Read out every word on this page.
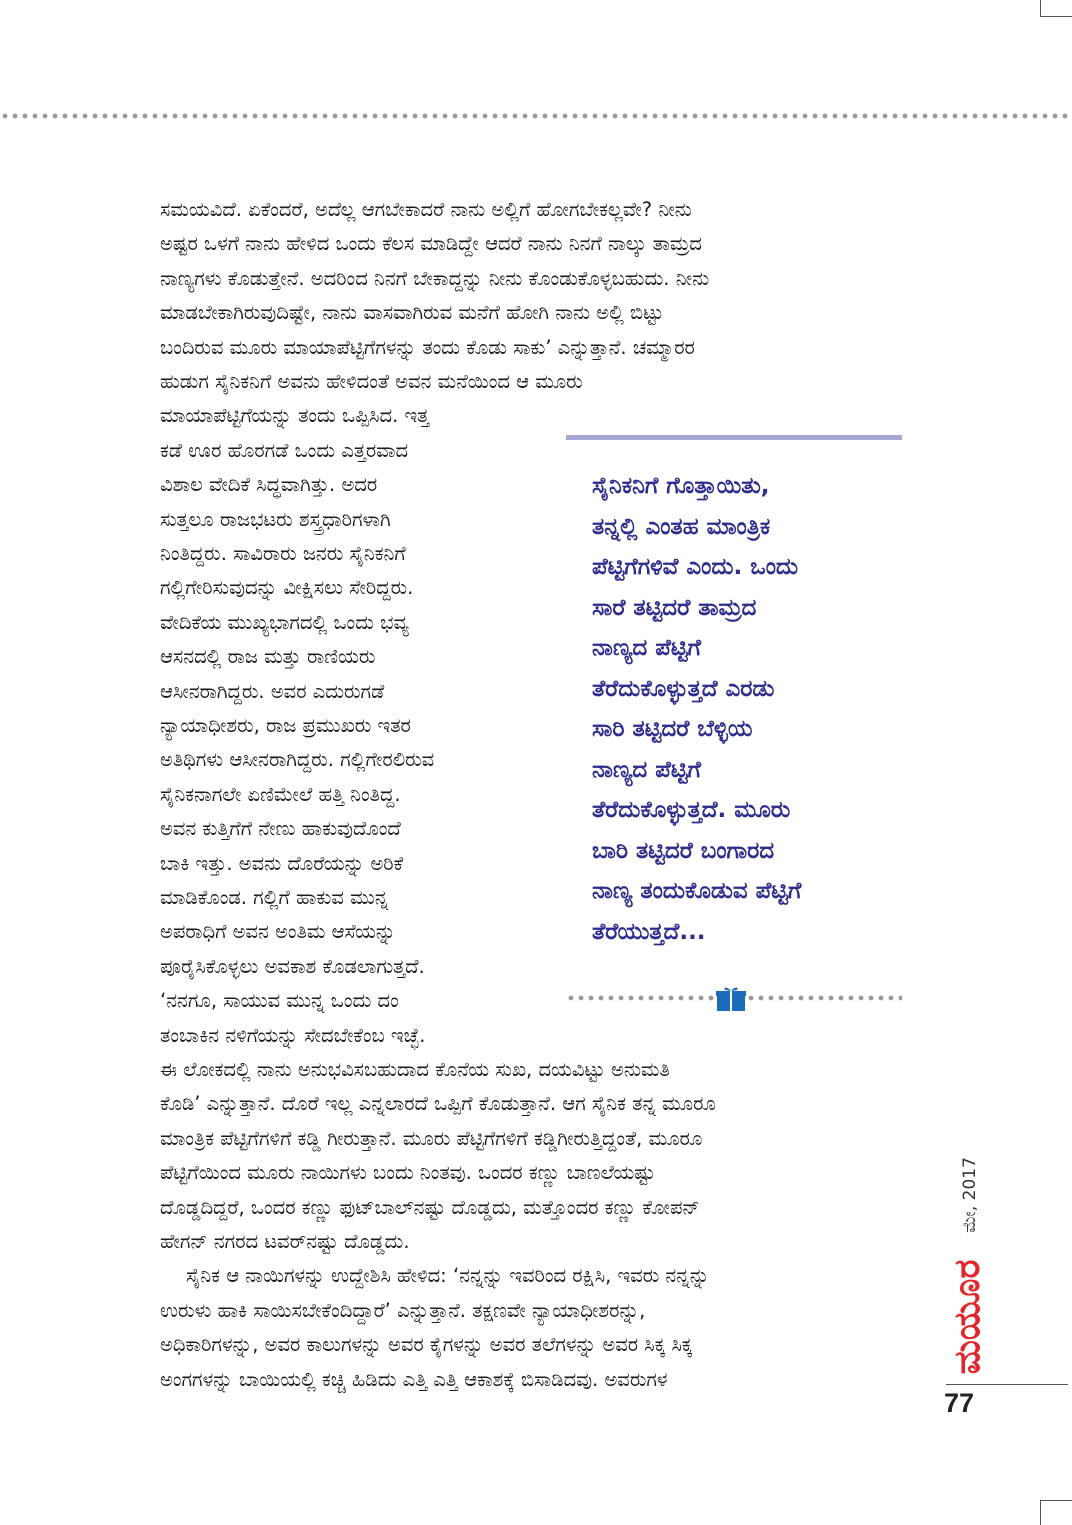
ಸಮಯವಿದೆ. ಏಕೆಂದರೆ, ಅದೆಲ್ಲ ಆಗಬೇಕಾದರೆ ನಾನು ಅಲ್ಲಿಗೆ ಹೋಗಬೇಕಲ್ಲವೇ? ನೀನು
ಅಷ್ಟರ ಒಳಗೆ ನಾನು ಹೇಳಿದ ಒಂದು ಕೆಲಸ ಮಾಡಿದ್ದೇ ಆದರೆ ನಾನು ನಿನಗೆ ನಾಲ್ಕು ತಾಮ್ರದ
ನಾಣ್ಯಗಳು ಕೊಡುತ್ತೇನೆ. ಅದರಿಂದ ನಿನಗೆ ಬೇಕಾದ್ದನ್ನು ನೀನು ಕೊಂಡುಕೊಳ್ಳಬಹುದು. ನೀನು
ಮಾಡಬೇಕಾಗಿರುವುದಿಷ್ಟೇ, ನಾನು ವಾಸವಾಗಿರುವ ಮನೆಗೆ ಹೋಗಿ ನಾನು ಅಲ್ಲಿ ಬಿಟ್ಟು
ಬಂದಿರುವ ಮೂರು ಮಾಯಾಪೆಟ್ಟಿಗೆಗಳನ್ನು ತಂದು ಕೊಡು ಸಾಕು’ ಎನ್ನುತ್ತಾನೆ. ಚಮ್ಮಾರರ
ಹುಡುಗ ಸೈನಿಕನಿಗೆ ಅವನು ಹೇಳಿದಂತೆ ಅವನ ಮನೆಯಿಂದ ಆ ಮೂರು
ಮಾಯಾಪೆಟ್ಟಿಗೆಯನ್ನು ತಂದು ಒಪ್ಪಿಸಿದ. ಇತ್ತ
ಕಡೆ ಊರ ಹೊರಗಡೆ ಒಂದು ಎತ್ತರವಾದ
ವಿಶಾಲ ವೇದಿಕೆ ಸಿದ್ಧವಾಗಿತ್ತು. ಅದರ
ಸುತ್ತಲೂ ರಾಜಭಟರು ಶಸ್ತ್ರಧಾರಿಗಳಾಗಿ
ನಿಂತಿದ್ದರು. ಸಾವಿರಾರು ಜನರು ಸೈನಿಕನಿಗೆ
ಗಲ್ಲಿಗೇರಿಸುವುದನ್ನು ವೀಕ್ಷಿಸಲು ಸೇರಿದ್ದರು.
ವೇದಿಕೆಯ ಮುಖ್ಯಭಾಗದಲ್ಲಿ ಒಂದು ಭವ್ಯ
ಆಸನದಲ್ಲಿ ರಾಜ ಮತ್ತು ರಾಣಿಯರು
ಆಸೀನರಾಗಿದ್ದರು. ಅವರ ಎದುರುಗಡೆ
ನ್ಯಾಯಾಧೀಶರು, ರಾಜ ಪ್ರಮುಖರು ಇತರ
ಅತಿಥಿಗಳು ಆಸೀನರಾಗಿದ್ದರು. ಗಲ್ಲಿಗೇರಲಿರುವ
ಸೈನಿಕನಾಗಲೇ ಏಣಿಮೇಲೆ ಹತ್ತಿ ನಿಂತಿದ್ದ.
ಅವನ ಕುತ್ತಿಗೆಗೆ ನೇಣು ಹಾಕುವುದೊಂದೆ
ಬಾಕಿ ಇತ್ತು. ಅವನು ದೊರೆಯನ್ನು ಅರಿಕೆ
ಮಾಡಿಕೊಂಡ. ಗಲ್ಲಿಗೆ ಹಾಕುವ ಮುನ್ನ
ಅಪರಾಧಿಗೆ ಅವನ ಅಂತಿಮ ಆಸೆಯನ್ನು
ಪೂರೈಸಿಕೊಳ್ಳಲು ಅವಕಾಶ ಕೊಡಲಾಗುತ್ತದೆ.
‘ನನಗೂ, ಸಾಯುವ ಮುನ್ನ ಒಂದು ದಂ
ತಂಬಾಕಿನ ನಳಿಗೆಯನ್ನು ಸೇದಬೇಕೆಂಬ ಇಚ್ಛೆ.
ಈ ಲೋಕದಲ್ಲಿ ನಾನು ಅನುಭವಿಸಬಹುದಾದ ಕೊನೆಯ ಸುಖ, ದಯವಿಟ್ಟು ಅನುಮತಿ
ಕೊಡಿ’ ಎನ್ನುತ್ತಾನೆ. ದೊರೆ ಇಲ್ಲ ಎನ್ನಲಾರದೆ ಒಪ್ಪಿಗೆ ಕೊಡುತ್ತಾನೆ. ಆಗ ಸೈನಿಕ ತನ್ನ ಮೂರೂ
ಮಾಂತ್ರಿಕ ಪೆಟ್ಟಿಗೆಗಳಿಗೆ ಕಡ್ಡಿ ಗೀರುತ್ತಾನೆ. ಮೂರು ಪೆಟ್ಟಿಗೆಗಳಿಗೆ ಕಡ್ಡಿಗೀರುತ್ತಿದ್ದಂತೆ, ಮೂರೂ
ಪೆಟ್ಟಿಗೆಯಿಂದ ಮೂರು ನಾಯಿಗಳು ಬಂದು ನಿಂತವು. ಒಂದರ ಕಣ್ಣು ಬಾಣಲೆಯಷ್ಟು
ದೊಡ್ಡದಿದ್ದರೆ, ಒಂದರ ಕಣ್ಣು ಫುಟ್‌ಬಾಲ್‌ನಷ್ಟು ದೊಡ್ಡದು, ಮತ್ತೊಂದರ ಕಣ್ಣು ಕೋಪನ್
ಹೇಗನ್ ನಗರದ ಟವರ್‌ನಷ್ಟು ದೊಡ್ಡದು.
ಸೈನಿಕ ಆ ನಾಯಿಗಳನ್ನು ಉದ್ದೇಶಿಸಿ ಹೇಳಿದ: ‘ನನ್ನನ್ನು ಇವರಿಂದ ರಕ್ಷಿಸಿ, ಇವರು ನನ್ನನ್ನು
ಉರುಳು ಹಾಕಿ ಸಾಯಿಸಬೇಕೆಂದಿದ್ದಾರೆ’ ಎನ್ನುತ್ತಾನೆ. ತಕ್ಷಣವೇ ನ್ಯಾಯಾಧೀಶರನ್ನು,
ಅಧಿಕಾರಿಗಳನ್ನು, ಅವರ ಕಾಲುಗಳನ್ನು ಅವರ ಕೈಗಳನ್ನು ಅವರ ತಲೆಗಳನ್ನು ಅವರ ಸಿಕ್ಕ ಸಿಕ್ಕ
ಅಂಗಗಳನ್ನು ಬಾಯಿಯಲ್ಲಿ ಕಚ್ಚಿ ಹಿಡಿದು ಎತ್ತಿ ಎತ್ತಿ ಆಕಾಶಕ್ಕೆ ಬಿಸಾಡಿದವು. ಅವರುಗಳ
ಸೈನಿಕನಿಗೆ ಗೊತ್ತಾಯಿತು,
ತನ್ನಲ್ಲಿ ಎಂತಹ ಮಾಂತ್ರಿಕ
ಪೆಟ್ಟಿಗೆಗಳಿವೆ ಎಂದು. ಒಂದು
ಸಾರೆ ತಟ್ಟಿದರೆ ತಾಮ್ರದ
ನಾಣ್ಯದ ಪೆಟ್ಟಿಗೆ
ತೆರೆದುಕೊಳ್ಳುತ್ತದೆ ಎರಡು
ಸಾರಿ ತಟ್ಟಿದರೆ ಬೆಳ್ಳಿಯ
ನಾಣ್ಯದ ಪೆಟ್ಟಿಗೆ
ತೆರೆದುಕೊಳ್ಳುತ್ತದೆ. ಮೂರು
ಬಾರಿ ತಟ್ಟಿದರೆ ಬಂಗಾರದ
ನಾಣ್ಯ ತಂದುಕೊಡುವ ಪೆಟ್ಟಿಗೆ
ತೆರೆಯುತ್ತದೆ...
ಮೇ, 2017
ಮಯೂರ
77
